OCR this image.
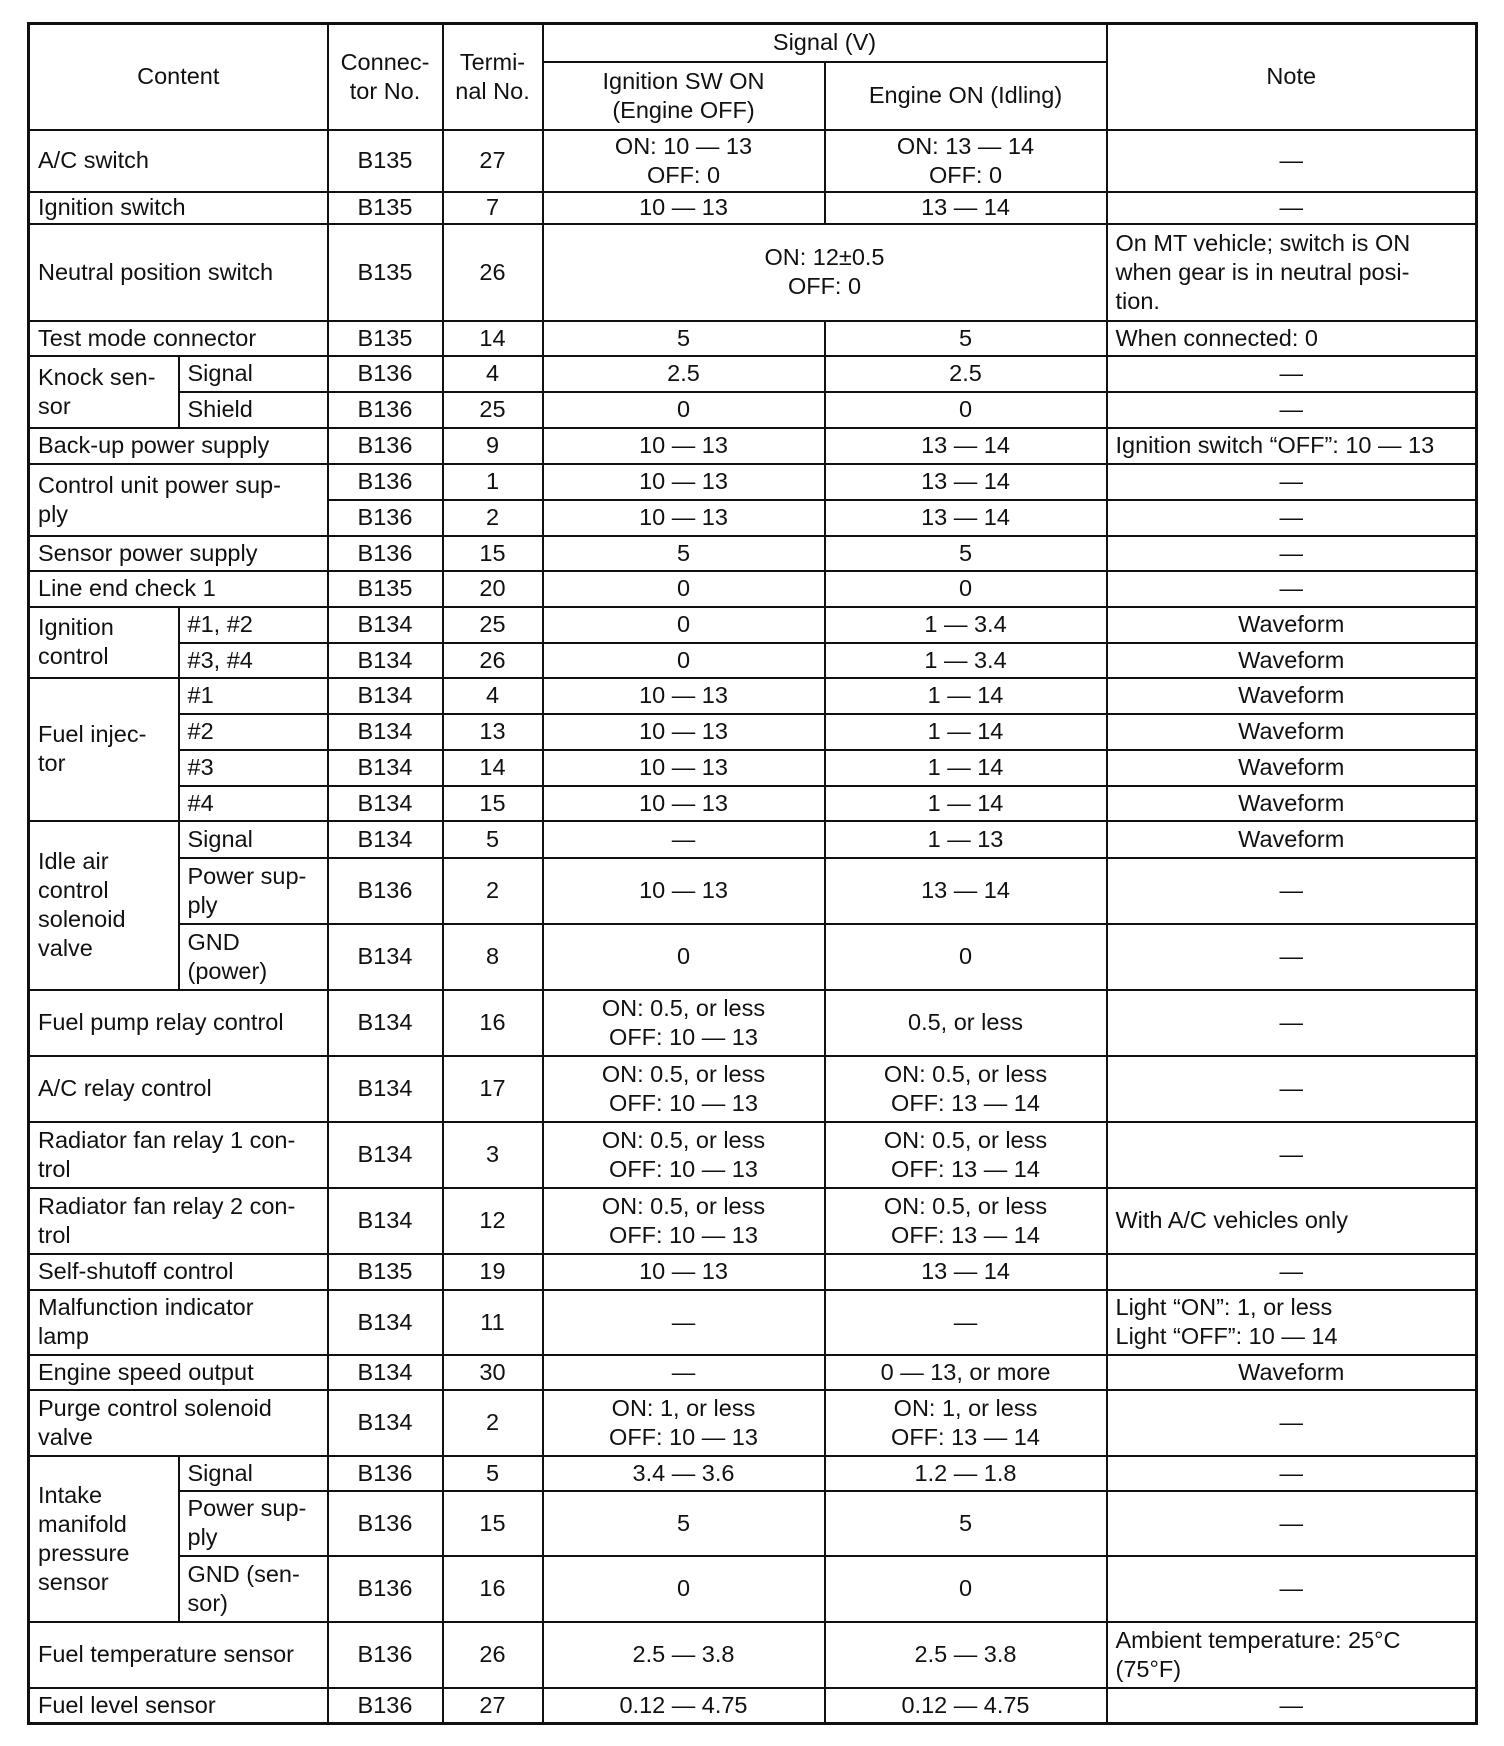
Content		Connec-
tor No.	Termi-
nal No.	Signal (V)		Note
				Ignition SW ON
(Engine OFF)	Engine ON (Idling)	
A/C switch		B135	27	ON: 10 — 13
OFF: 0	ON: 13 — 14
OFF: 0	—
Ignition switch		B135	7	10 — 13	13 — 14	—
Neutral position switch		B135	26	ON: 12±0.5
OFF: 0		On MT vehicle; switch is ON when gear is in neutral posi-
tion.
Test mode connector		B135	14	5	5	When connected: 0
Knock sen-
sor	Signal	B136	4	2.5	2.5	—
	Shield	B136	25	0	0	—
Back-up power supply		B136	9	10 — 13	13 — 14	Ignition switch “OFF”: 10 — 13
Control unit power sup-
ply		B136	1	10 — 13	13 — 14	—
		B136	2	10 — 13	13 — 14	—
Sensor power supply		B136	15	5	5	—
Line end check 1		B135	20	0	0	—
Ignition
control	#1, #2	B134	25	0	1 — 3.4	Waveform
	#3, #4	B134	26	0	1 — 3.4	Waveform
Fuel injec-
tor	#1	B134	4	10 — 13	1 — 14	Waveform
	#2	B134	13	10 — 13	1 — 14	Waveform
	#3	B134	14	10 — 13	1 — 14	Waveform
	#4	B134	15	10 — 13	1 — 14	Waveform
Idle air
control
solenoid
valve	Signal	B134	5	—	1 — 13	Waveform
	Power sup-
ply	B136	2	10 — 13	13 — 14	—
	GND
(power)	B134	8	0	0	—
Fuel pump relay control		B134	16	ON: 0.5, or less
OFF: 10 — 13	0.5, or less	—
A/C relay control		B134	17	ON: 0.5, or less
OFF: 10 — 13	ON: 0.5, or less
OFF: 13 — 14	—
Radiator fan relay 1 con-
trol		B134	3	ON: 0.5, or less
OFF: 10 — 13	ON: 0.5, or less
OFF: 13 — 14	—
Radiator fan relay 2 con-
trol		B134	12	ON: 0.5, or less
OFF: 10 — 13	ON: 0.5, or less
OFF: 13 — 14	With A/C vehicles only
Self-shutoff control		B135	19	10 — 13	13 — 14	—
Malfunction indicator
lamp		B134	11	—	—	Light “ON”: 1, or less
Light “OFF”: 10 — 14
Engine speed output		B134	30	—	0 — 13, or more	Waveform
Purge control solenoid
valve		B134	2	ON: 1, or less
OFF: 10 — 13	ON: 1, or less
OFF: 13 — 14	—
Intake
manifold
pressure
sensor	Signal	B136	5	3.4 — 3.6	1.2 — 1.8	—
	Power sup-
ply	B136	15	5	5	—
	GND (sen-
sor)	B136	16	0	0	—
Fuel temperature sensor		B136	26	2.5 — 3.8	2.5 — 3.8	Ambient temperature: 25°C
(75°F)
Fuel level sensor		B136	27	0.12 — 4.75	0.12 — 4.75	—
